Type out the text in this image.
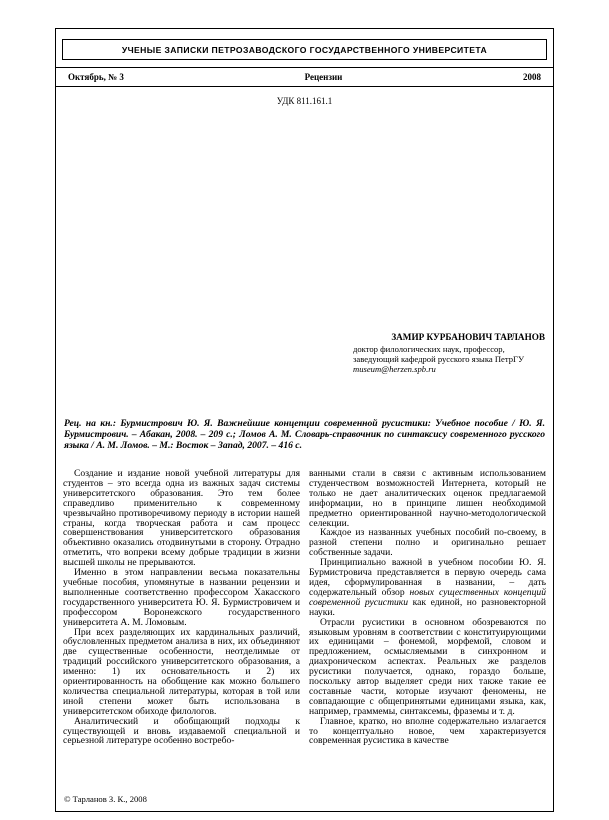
УЧЕНЫЕ ЗАПИСКИ ПЕТРОЗАВОДСКОГО ГОСУДАРСТВЕННОГО УНИВЕРСИТЕТА
Октябрь, № 3	Рецензии	2008
УДК 811.161.1

ЗАМИР КУРБАНОВИЧ ТАРЛАНОВ

доктор филологических наук, профессор, заведующий кафедрой русского языка ПетрГУ

museum@herzen.spb.ru

Рец. на кн.: Бурмистрович Ю. Я. Важнейшие концепции современной русистики: Учебное пособие / Ю. Я. Бурмистрович. – Абакан, 2008. – 209 с.; Ломов А. М. Словарь-справочник по синтаксису современного русского языка / А. М. Ломов. – М.: Восток – Запад, 2007. – 416 с.

Создание и издание новой учебной литературы для студентов – это всегда одна из важных задач системы университетского образования. Это тем более справедливо применительно к современному чрезвычайно противоречивому периоду в истории нашей страны, когда творческая работа и сам процесс совершенствования университетского образования объективно оказались отодвинутыми в сторону. Отрадно отметить, что вопреки всему добрые традиции в жизни высшей школы не прерываются.

Именно в этом направлении весьма показательны учебные пособия, упомянутые в названии рецензии и выполненные соответственно профессором Хакасского государственного университета Ю. Я. Бурмистровичем и профессором Воронежского государственного университета А. М. Ломовым.

При всех разделяющих их кардинальных различий, обусловленных предметом анализа в них, их объединяют две существенные особенности, неотделимые от традиций российского университетского образования, а именно: 1) их основательность и 2) их ориентированность на обобщение как можно большего количества специальной литературы, которая в той или иной степени может быть использована в университетском обиходе филологов.

Аналитический и обобщающий подходы к существующей и вновь издаваемой специальной и серьезной литературе особенно востребо-

ванными стали в связи с активным использованием студенчеством возможностей Интернета, который не только не дает аналитических оценок предлагаемой информации, но в принципе лишен необходимой предметно ориентированной научно-методологической селекции.

Каждое из названных учебных пособий по-своему, в разной степени полно и оригинально решает собственные задачи.

Принципиально важной в учебном пособии Ю. Я. Бурмистровича представляется в первую очередь сама идея, сформулированная в названии, – дать содержательный обзор новых существенных концепций современной русистики как единой, но разновекторной науки.

Отрасли русистики в основном обозреваются по языковым уровням в соответствии с конституирующими их единицами – фонемой, морфемой, словом и предложением, осмысляемыми в синхронном и диахроническом аспектах. Реальных же разделов русистики получается, однако, гораздо больше, поскольку автор выделяет среди них также такие ее составные части, которые изучают феномены, не совпадающие с общепринятыми единицами языка, как, например, граммемы, синтаксемы, фраземы и т. д.

Главное, кратко, но вполне содержательно излагается то концептуально новое, чем характеризуется современная русистика в качестве

© Тарланов З. К., 2008
